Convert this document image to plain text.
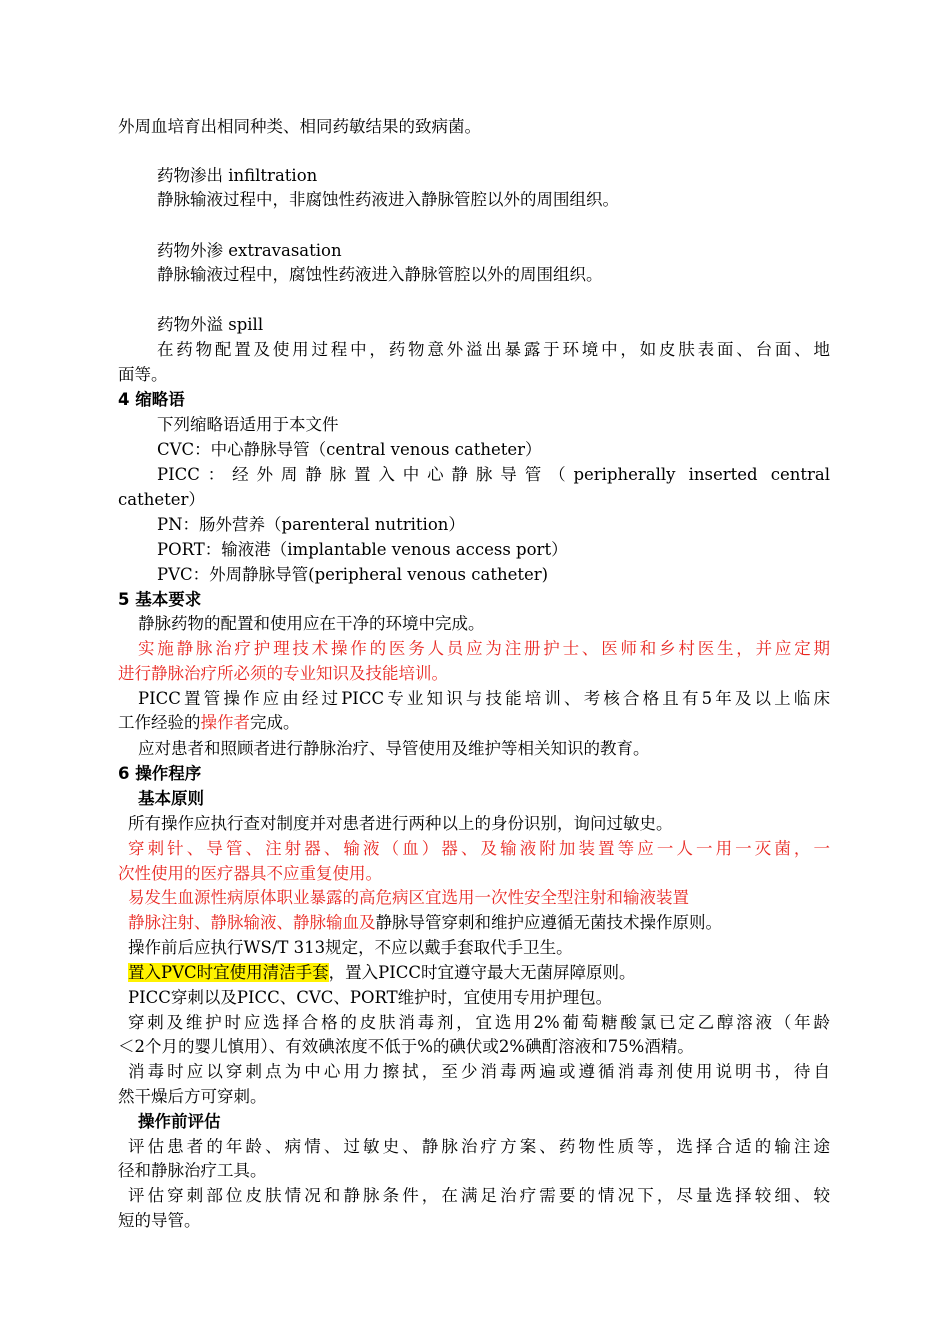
外周血培育出相同种类、相同药敏结果的致病菌。
药物渗出 infiltration
静脉输液过程中，非腐蚀性药液进入静脉管腔以外的周围组织。
药物外渗 extravasation
静脉输液过程中，腐蚀性药液进入静脉管腔以外的周围组织。
药物外溢 spill
在药物配置及使用过程中，药物意外溢出暴露于环境中，如皮肤表面、台面、地
面等。
4 缩略语
下列缩略语适用于本文件
CVC：中心静脉导管（central venous catheter）
PICC：经外周静脉置入中心静脉导管（peripherally inserted central
catheter）
PN：肠外营养（parenteral nutrition）
PORT：输液港（implantable venous access port）
PVC：外周静脉导管(peripheral venous catheter)
5 基本要求
静脉药物的配置和使用应在干净的环境中完成。
实施静脉治疗护理技术操作的医务人员应为注册护士、医师和乡村医生，并应定期
进行静脉治疗所必须的专业知识及技能培训。
PICC置管操作应由经过PICC专业知识与技能培训、考核合格且有5年及以上临床
工作经验的操作者完成。
应对患者和照顾者进行静脉治疗、导管使用及维护等相关知识的教育。
6 操作程序
基本原则
所有操作应执行查对制度并对患者进行两种以上的身份识别，询问过敏史。
穿刺针、导管、注射器、输液（血）器、及输液附加装置等应一人一用一灭菌，一
次性使用的医疗器具不应重复使用。
易发生血源性病原体职业暴露的高危病区宜选用一次性安全型注射和输液装置
静脉注射、静脉输液、静脉输血及静脉导管穿刺和维护应遵循无菌技术操作原则。
操作前后应执行WS/T 313规定，不应以戴手套取代手卫生。
置入PVC时宜使用清洁手套，置入PICC时宜遵守最大无菌屏障原则。
PICC穿刺以及PICC、CVC、PORT维护时，宜使用专用护理包。
穿刺及维护时应选择合格的皮肤消毒剂，宜选用2%葡萄糖酸氯已定乙醇溶液（年龄
＜2个月的婴儿慎用）、有效碘浓度不低于%的碘伏或2%碘酊溶液和75%酒精。
消毒时应以穿刺点为中心用力擦拭，至少消毒两遍或遵循消毒剂使用说明书，待自
然干燥后方可穿刺。
操作前评估
评估患者的年龄、病情、过敏史、静脉治疗方案、药物性质等，选择合适的输注途
径和静脉治疗工具。
评估穿刺部位皮肤情况和静脉条件，在满足治疗需要的情况下，尽量选择较细、较
短的导管。
